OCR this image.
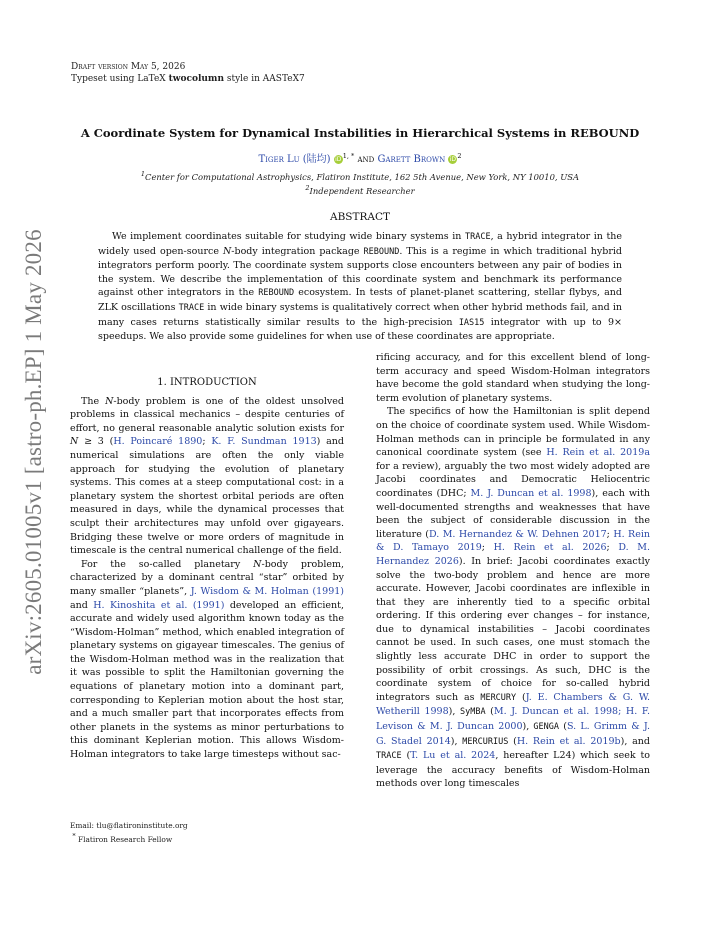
arXiv:2605.01005v1 [astro-ph.EP] 1 May 2026
Draft version May 5, 2026
Typeset using LaTeX twocolumn style in AASTeX7
A Coordinate System for Dynamical Instabilities in Hierarchical Systems in REBOUND
Tiger Lu (陆均) $iD^{1, *}$ and Garett Brown $iD^2$
$^1$Center for Computational Astrophysics, Flatiron Institute, 162 5th Avenue, New York, NY 10010, USA
$^2$Independent Researcher
ABSTRACT

We implement coordinates suitable for studying wide binary systems in TRACE, a hybrid integrator in the widely used open-source N-body integration package REBOUND. This is a regime in which traditional hybrid integrators perform poorly. The coordinate system supports close encounters between any pair of bodies in the system. We describe the implementation of this coordinate system and benchmark its performance against other integrators in the REBOUND ecosystem. In tests of planet-planet scattering, stellar flybys, and ZLK oscillations TRACE in wide binary systems is qualitatively correct when other hybrid methods fail, and in many cases returns statistically similar results to the high-precision IAS15 integrator with up to 9× speedups. We also provide some guidelines for when use of these coordinates are appropriate.

1. INTRODUCTION

The N-body problem is one of the oldest unsolved problems in classical mechanics – despite centuries of effort, no general reasonable analytic solution exists for N ≥ 3 (H. Poincaré 1890; K. F. Sundman 1913) and numerical simulations are often the only viable approach for studying the evolution of planetary systems. This comes at a steep computational cost: in a planetary system the shortest orbital periods are often measured in days, while the dynamical processes that sculpt their architectures may unfold over gigayears. Bridging these twelve or more orders of magnitude in timescale is the central numerical challenge of the field.

For the so-called planetary N-body problem, characterized by a dominant central “star” orbited by many smaller “planets”, J. Wisdom & M. Holman (1991) and H. Kinoshita et al. (1991) developed an efficient, accurate and widely used algorithm known today as the “Wisdom-Holman” method, which enabled integration of planetary systems on gigayear timescales. The genius of the Wisdom-Holman method was in the realization that it was possible to split the Hamiltonian governing the equations of planetary motion into a dominant part, corresponding to Keplerian motion about the host star, and a much smaller part that incorporates effects from other planets in the systems as minor perturbations to this dominant Keplerian motion. This allows Wisdom-Holman integrators to take large timesteps without sac-

rificing accuracy, and for this excellent blend of long-term accuracy and speed Wisdom-Holman integrators have become the gold standard when studying the long-term evolution of planetary systems.

The specifics of how the Hamiltonian is split depend on the choice of coordinate system used. While Wisdom-Holman methods can in principle be formulated in any canonical coordinate system (see H. Rein et al. 2019a for a review), arguably the two most widely adopted are Jacobi coordinates and Democratic Heliocentric coordinates (DHC; M. J. Duncan et al. 1998), each with well-documented strengths and weaknesses that have been the subject of considerable discussion in the literature (D. M. Hernandez & W. Dehnen 2017; H. Rein & D. Tamayo 2019; H. Rein et al. 2026; D. M. Hernandez 2026). In brief: Jacobi coordinates exactly solve the two-body problem and hence are more accurate. However, Jacobi coordinates are inflexible in that they are inherently tied to a specific orbital ordering. If this ordering ever changes – for instance, due to dynamical instabilities – Jacobi coordinates cannot be used. In such cases, one must stomach the slightly less accurate DHC in order to support the possibility of orbit crossings. As such, DHC is the coordinate system of choice for so-called hybrid integrators such as MERCURY (J. E. Chambers & G. W. Wetherill 1998), SyMBA (M. J. Duncan et al. 1998; H. F. Levison & M. J. Duncan 2000), GENGA (S. L. Grimm & J. G. Stadel 2014), MERCURIUS (H. Rein et al. 2019b), and TRACE (T. Lu et al. 2024, hereafter L24) which seek to leverage the accuracy benefits of Wisdom-Holman methods over long timescales

Email: tlu@flatironinstitute.org
* Flatiron Research Fellow
